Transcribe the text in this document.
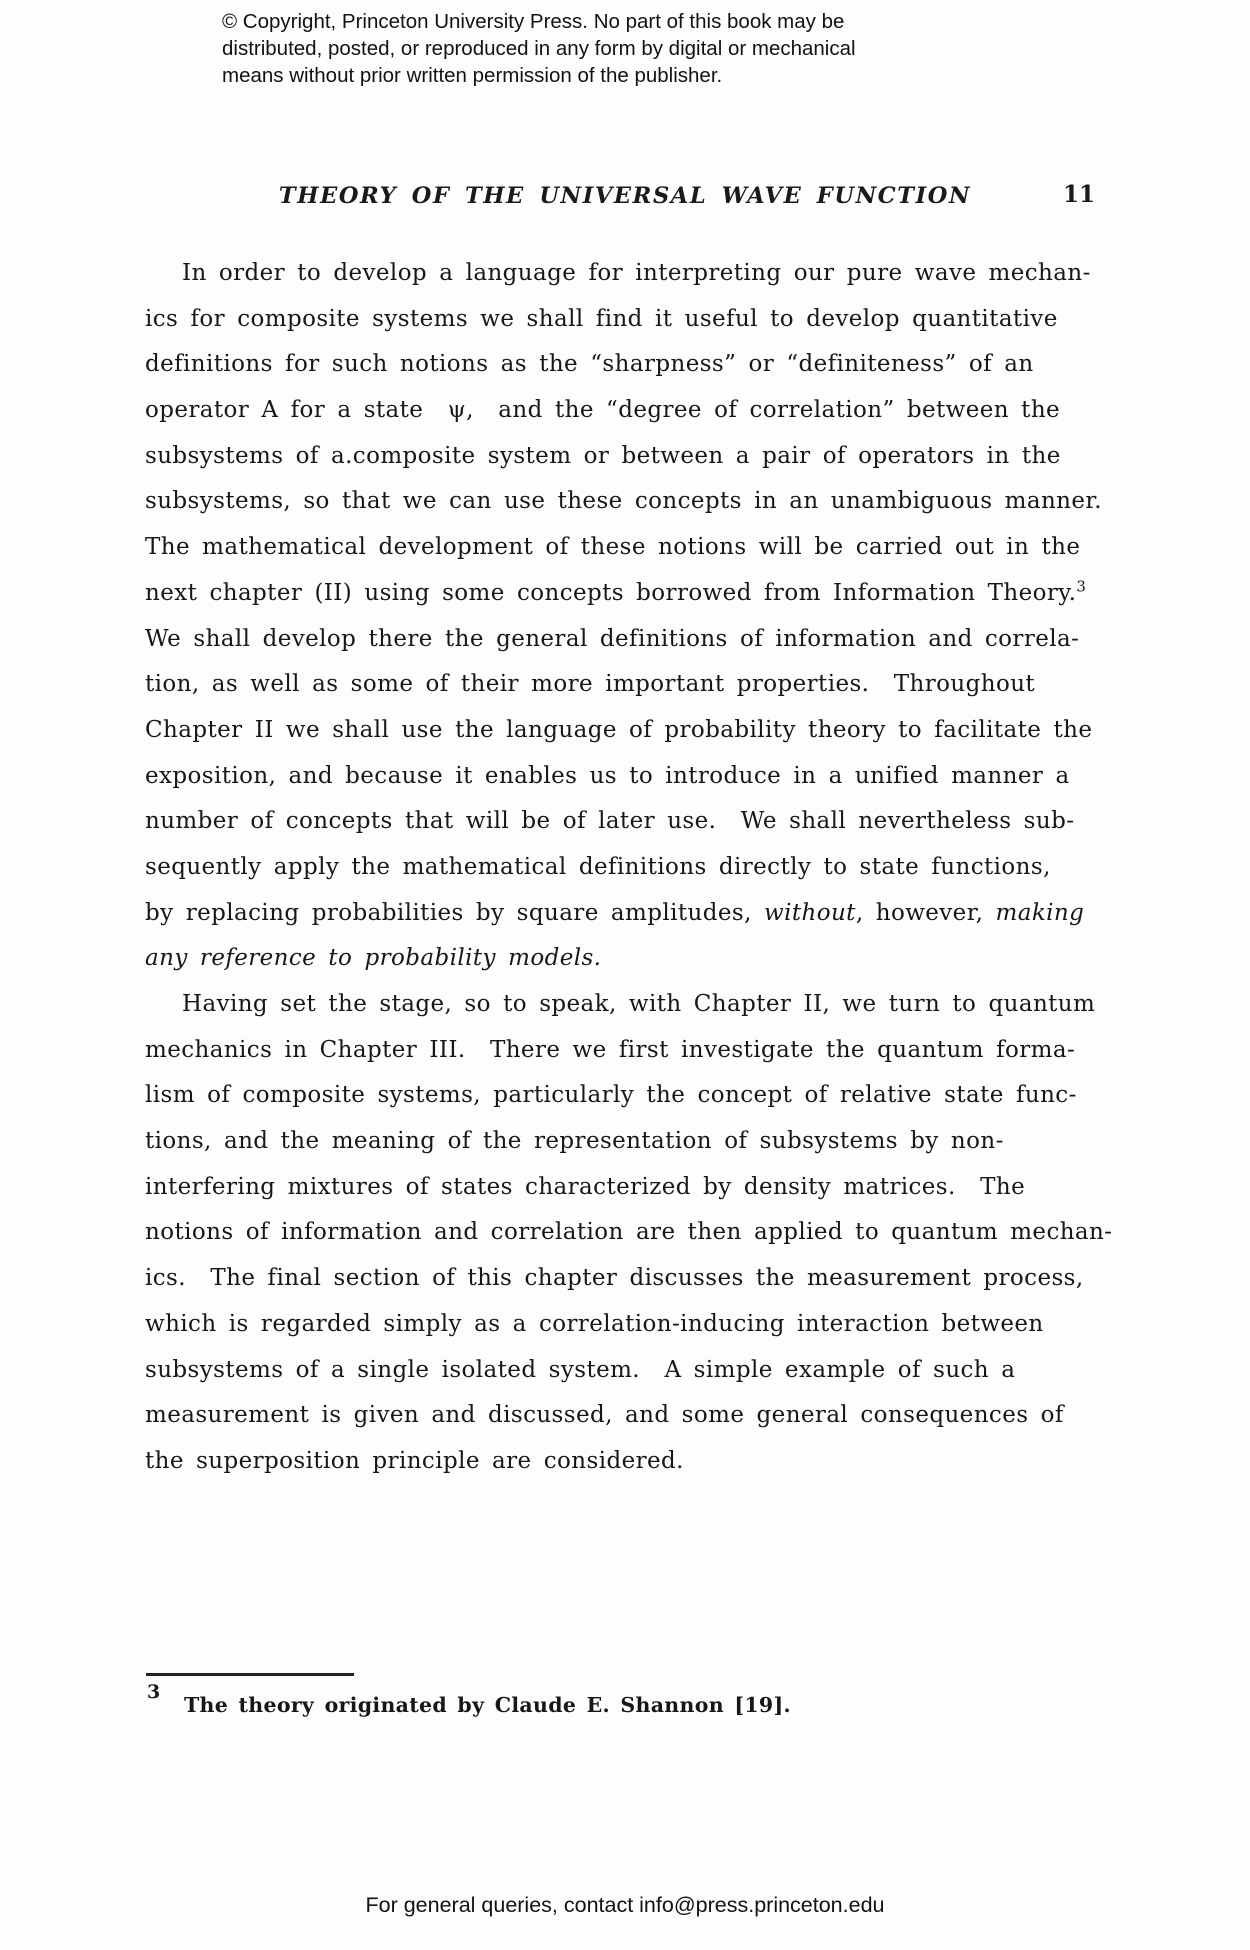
© Copyright, Princeton University Press. No part of this book may be
distributed, posted, or reproduced in any form by digital or mechanical
means without prior written permission of the publisher.
THEORY OF THE UNIVERSAL WAVE FUNCTION	11
In order to develop a language for interpreting our pure wave mechan-
ics for composite systems we shall find it useful to develop quantitative
definitions for such notions as the “sharpness” or “definiteness” of an
operator A for a state  ψ,  and the “degree of correlation” between the
subsystems of a.composite system or between a pair of operators in the
subsystems, so that we can use these concepts in an unambiguous manner.
The mathematical development of these notions will be carried out in the
next chapter (II) using some concepts borrowed from Information Theory.$^3$
We shall develop there the general definitions of information and correla-
tion, as well as some of their more important properties.  Throughout
Chapter II we shall use the language of probability theory to facilitate the
exposition, and because it enables us to introduce in a unified manner a
number of concepts that will be of later use.  We shall nevertheless sub-
sequently apply the mathematical definitions directly to state functions,
by replacing probabilities by square amplitudes, without, however, making
any reference to probability models.
Having set the stage, so to speak, with Chapter II, we turn to quantum
mechanics in Chapter III.  There we first investigate the quantum forma-
lism of composite systems, particularly the concept of relative state func-
tions, and the meaning of the representation of subsystems by non-
interfering mixtures of states characterized by density matrices.  The
notions of information and correlation are then applied to quantum mechan-
ics.  The final section of this chapter discusses the measurement process,
which is regarded simply as a correlation-inducing interaction between
subsystems of a single isolated system.  A simple example of such a
measurement is given and discussed, and some general consequences of
the superposition principle are considered.
3
The theory originated by Claude E. Shannon [19].
For general queries, contact info@press.princeton.edu
